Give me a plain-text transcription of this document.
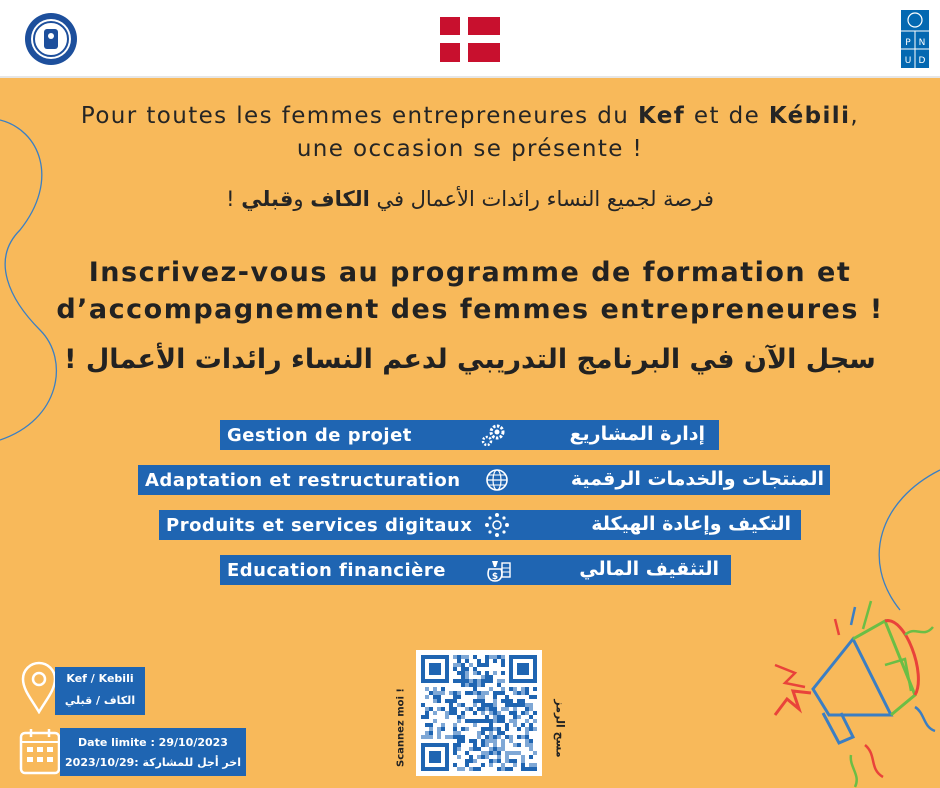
P N
U D
Pour toutes les femmes entrepreneures du Kef et de Kébili, une occasion se présente !
فرصة لجميع النساء رائدات الأعمال في الكاف وقبلي !
Inscrivez-vous au programme de formation et d’accompagnement des femmes entrepreneures !
سجل الآن في البرنامج التدريبي لدعم النساء رائدات الأعمال !
Gestion de projet	إدارة المشاريع
Adaptation et restructuration	المنتجات والخدمات الرقمية
Produits et services digitaux	التكيف وإعادة الهيكلة
Education financière	$	التثقيف المالي
Kef / Kebili
الكاف / قبلي
Date limite : 29/10/2023
اخر أجل للمشاركة :2023/10/29	Scannez moi !	مسح الرمز
